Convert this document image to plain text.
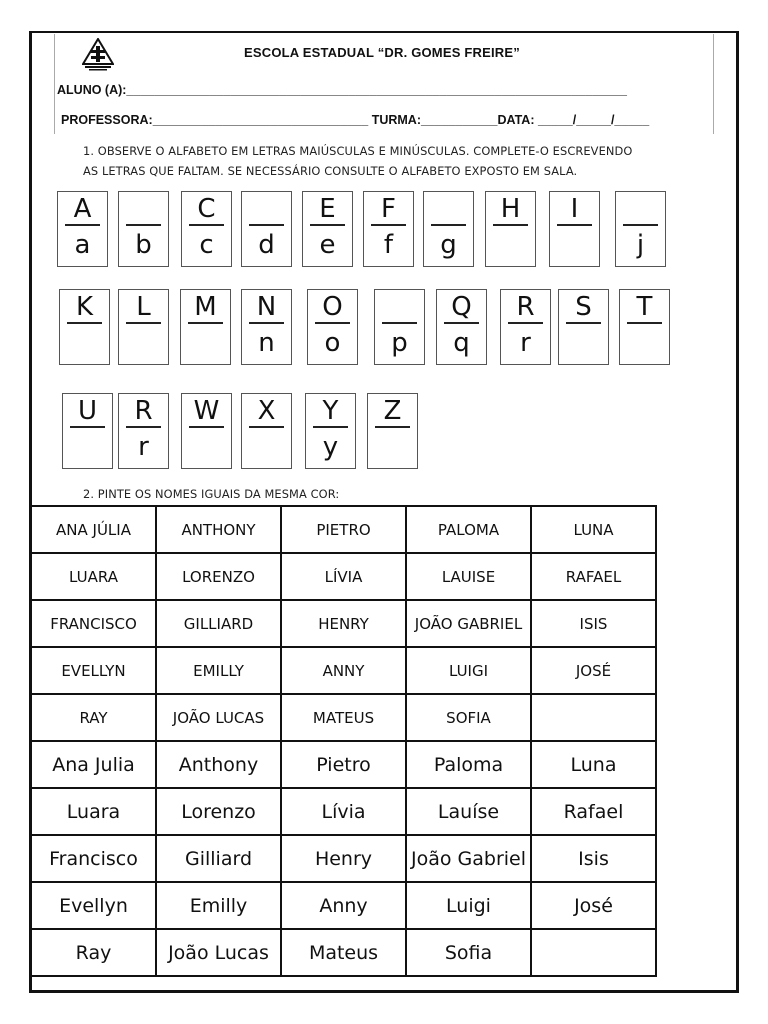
ESCOLA ESTADUAL “DR. GOMES FREIRE”
ALUNO (A):________________________________________________________________________
PROFESSORA:_______________________________ TURMA:___________DATA: _____/_____/_____
1. OBSERVE O ALFABETO EM LETRAS MAIÚSCULAS E MINÚSCULAS. COMPLETE-O ESCREVENDO
AS LETRAS QUE FALTAM. SE NECESSÁRIO CONSULTE O ALFABETO EXPOSTO EM SALA.
A
a	b
C
c	d
E
e
F
f	g
H	I
j
K	L	M	N
n
O
o	p
Q
q
R
r
S	T
U	R
r
W	X	Y
y
Z
2. PINTE OS NOMES IGUAIS DA MESMA COR:
ANA JÚLIA	ANTHONY	PIETRO	PALOMA	LUNA
LUARA	LORENZO	LÍVIA	LAUISE	RAFAEL
FRANCISCO	GILLIARD	HENRY	JOÃO GABRIEL	ISIS
EVELLYN	EMILLY	ANNY	LUIGI	JOSÉ
RAY	JOÃO LUCAS	MATEUS	SOFIA	
Ana Julia	Anthony	Pietro	Paloma	Luna
Luara	Lorenzo	Lívia	Lauíse	Rafael
Francisco	Gilliard	Henry	João Gabriel	Isis
Evellyn	Emilly	Anny	Luigi	José
Ray	João Lucas	Mateus	Sofia	
